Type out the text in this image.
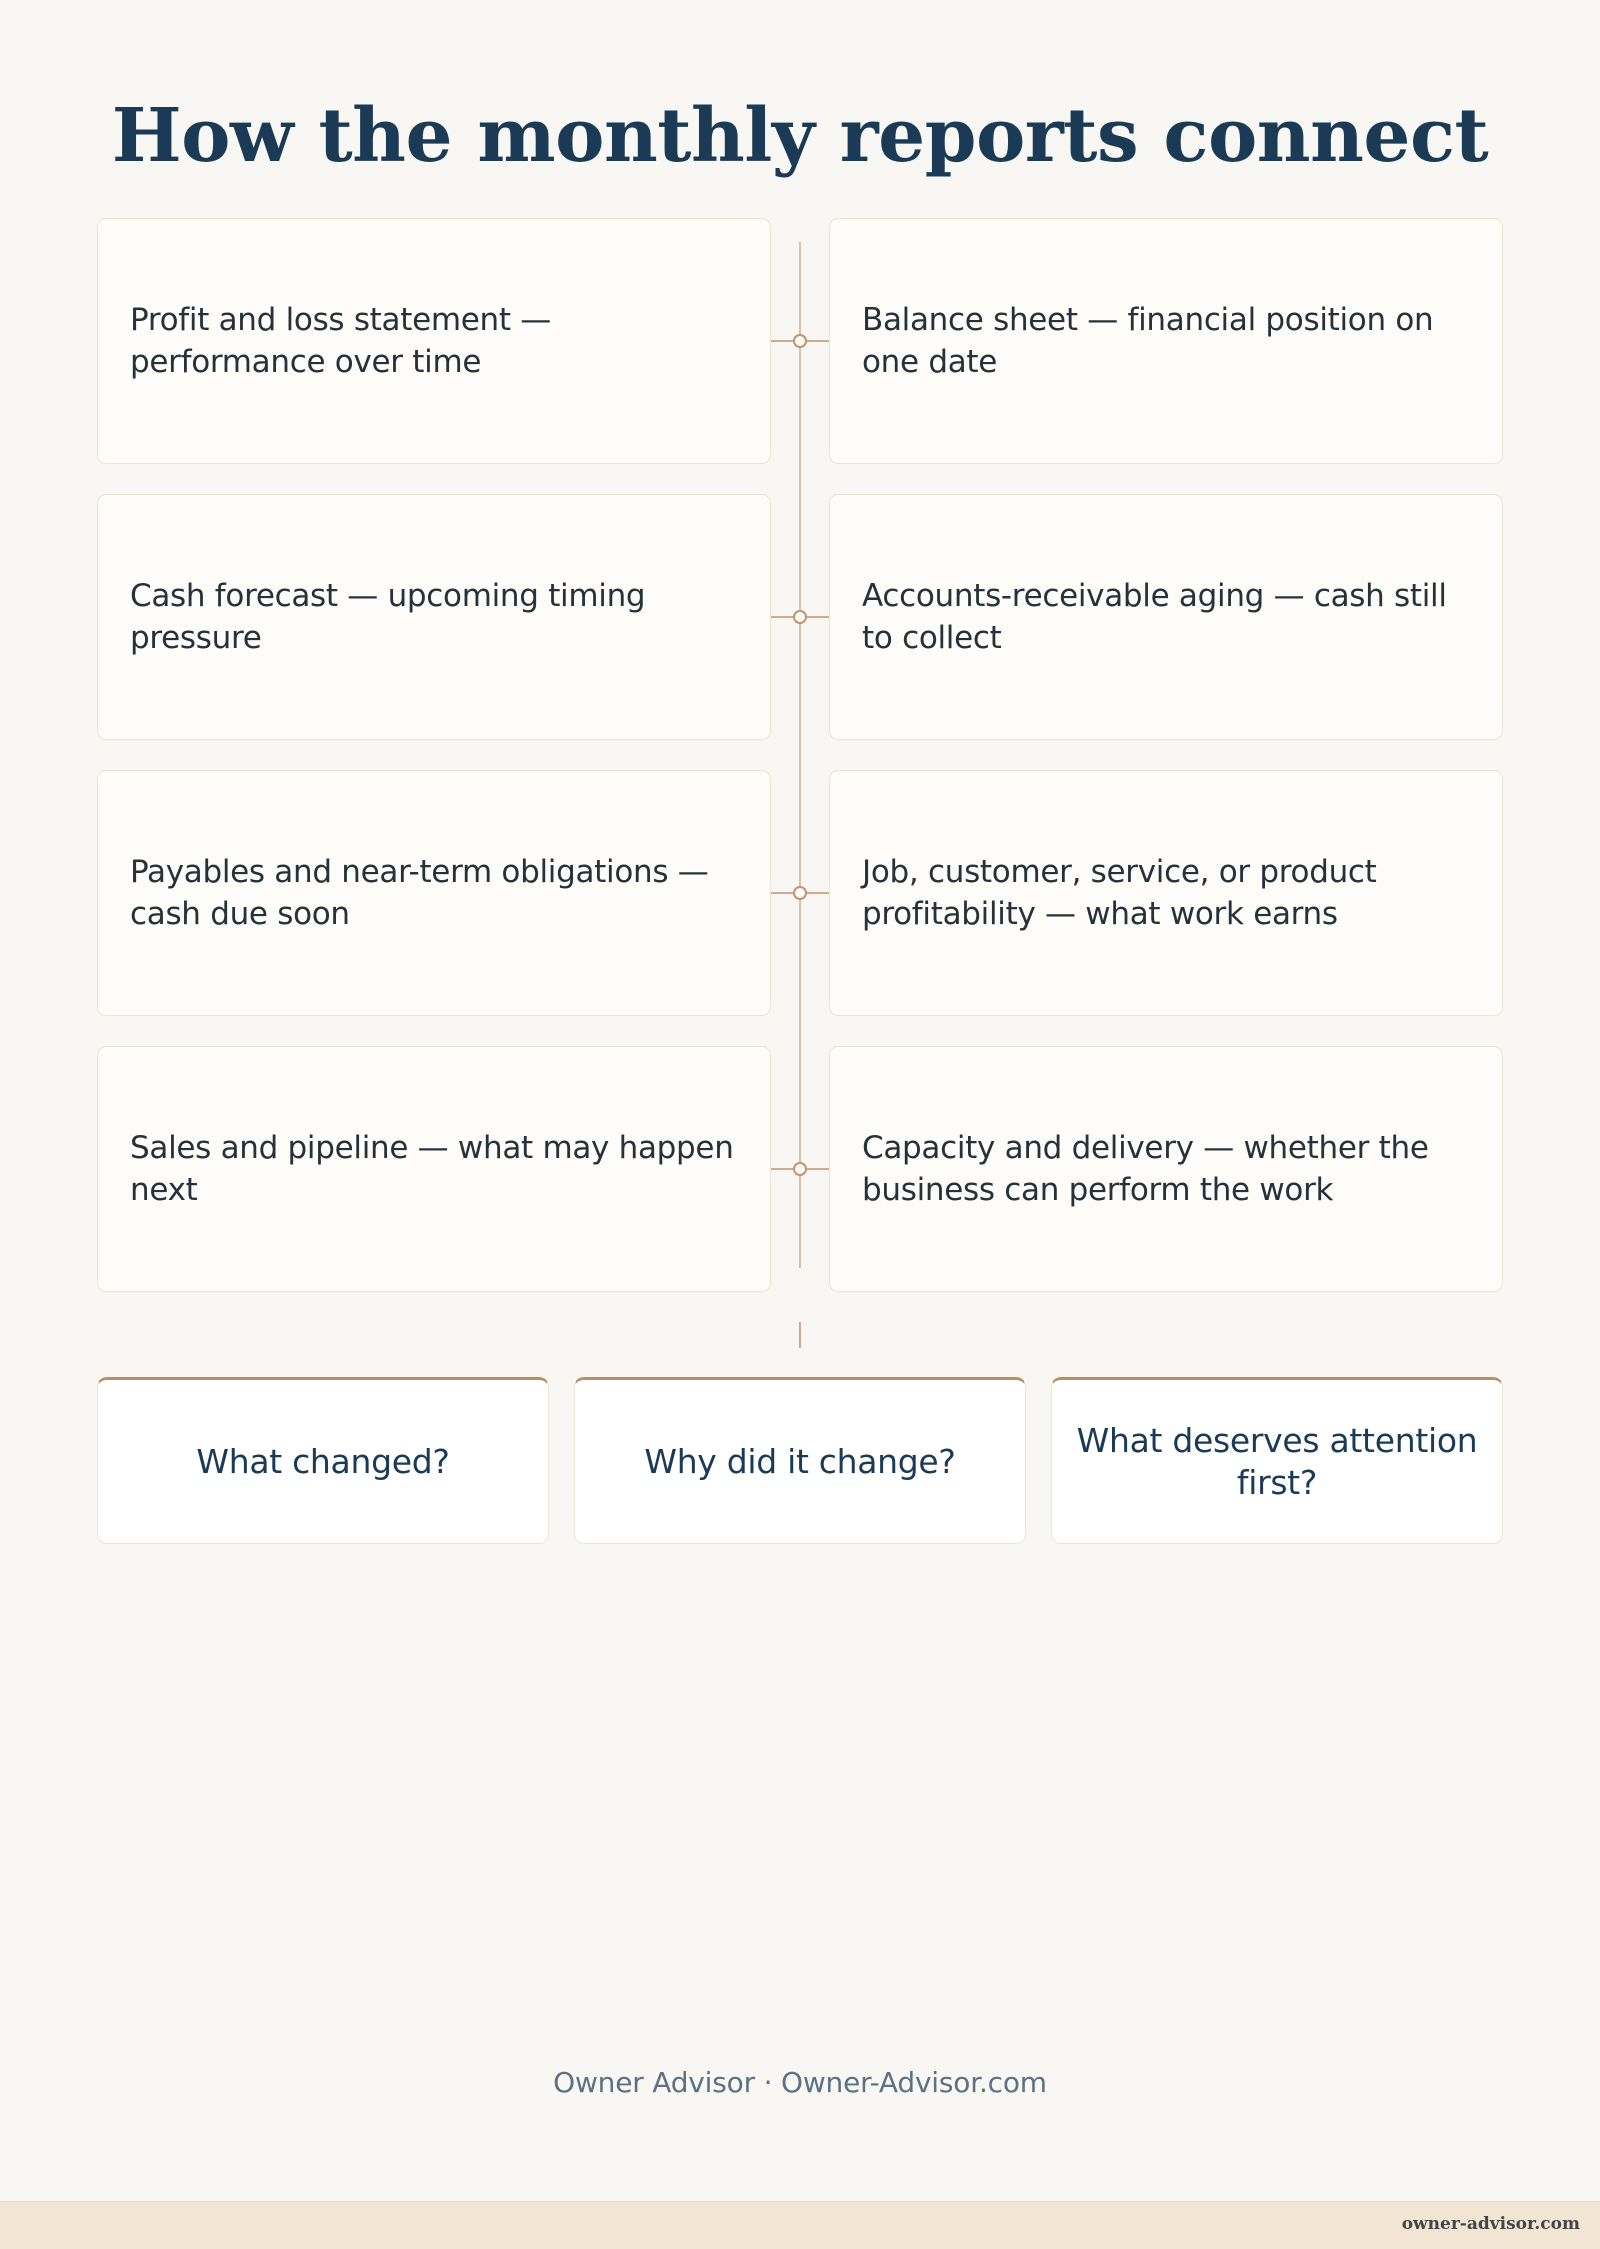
How the monthly reports connect
Profit and loss statement — performance over time
Balance sheet — financial position on one date
Cash forecast — upcoming timing pressure
Accounts-receivable aging — cash still to collect
Payables and near-term obligations — cash due soon
Job, customer, service, or product profitability — what work earns
Sales and pipeline — what may happen next
Capacity and delivery — whether the business can perform the work
What changed?	Why did it change?
What deserves attention first?
Owner Advisor · Owner-Advisor.com
owner-advisor.com
